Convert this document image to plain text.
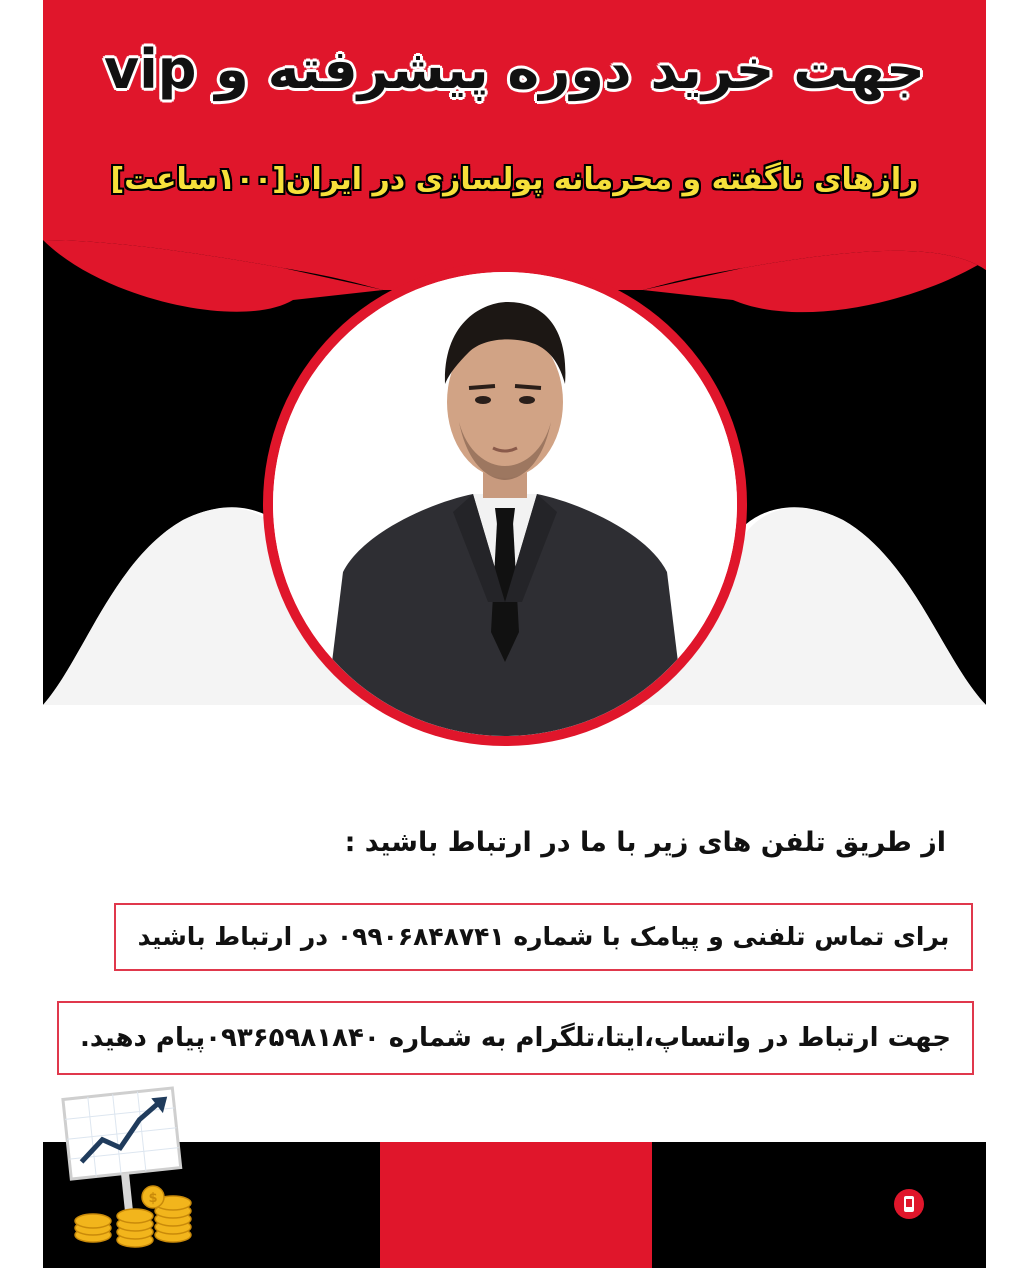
جهت خرید دوره پیشرفته و vip
رازهای ناگفته و محرمانه پولسازی در ایران[۱۰۰ساعت]
از طریق تلفن های زیر با ما در ارتباط باشید :
برای تماس تلفنی و پیامک با شماره ۰۹۹۰۶۸۴۸۷۴۱ در ارتباط باشید
جهت ارتباط در واتساپ،ایتا،تلگرام به شماره ۰۹۳۶۵۹۸۱۸۴۰پیام دهید.
$
